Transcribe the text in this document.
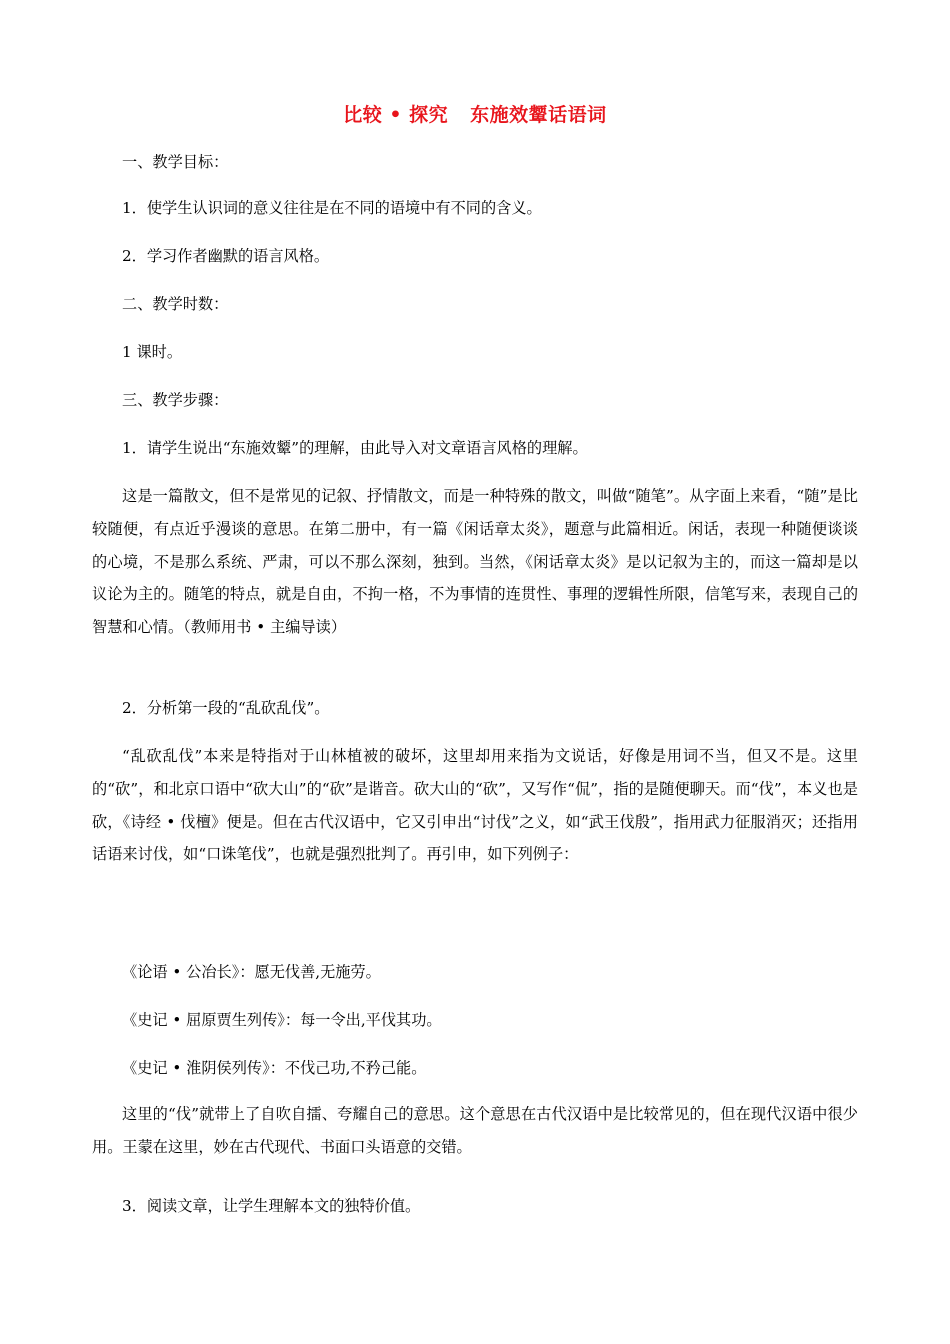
比较 • 探究 东施效颦话语词
一、教学目标：
1．使学生认识词的意义往往是在不同的语境中有不同的含义。
2．学习作者幽默的语言风格。
二、教学时数：
1 课时。
三、教学步骤：
1．请学生说出“东施效颦”的理解，由此导入对文章语言风格的理解。
这是一篇散文，但不是常见的记叙、抒情散文，而是一种特殊的散文，叫做“随笔”。从字面上来看，“随”是比较随便，有点近乎漫谈的意思。在第二册中，有一篇《闲话章太炎》，题意与此篇相近。闲话，表现一种随便谈谈的心境，不是那么系统、严肃，可以不那么深刻，独到。当然，《闲话章太炎》是以记叙为主的，而这一篇却是以议论为主的。随笔的特点，就是自由，不拘一格，不为事情的连贯性、事理的逻辑性所限，信笔写来，表现自己的智慧和心情。（教师用书 • 主编导读）
2．分析第一段的“乱砍乱伐”。
“乱砍乱伐”本来是特指对于山林植被的破坏，这里却用来指为文说话，好像是用词不当，但又不是。这里的“砍”，和北京口语中“砍大山”的“砍”是谐音。砍大山的“砍”，又写作“侃”，指的是随便聊天。而“伐”，本义也是砍，《诗经 • 伐檀》便是。但在古代汉语中，它又引申出“讨伐”之义，如“武王伐殷”，指用武力征服消灭；还指用话语来讨伐，如“口诛笔伐”，也就是强烈批判了。再引申，如下列例子：
《论语 • 公冶长》：愿无伐善,无施劳。
《史记 • 屈原贾生列传》：每一令出,平伐其功。
《史记 • 淮阴侯列传》：不伐己功,不矜己能。
这里的“伐”就带上了自吹自擂、夸耀自己的意思。这个意思在古代汉语中是比较常见的，但在现代汉语中很少用。王蒙在这里，妙在古代现代、书面口头语意的交错。
3．阅读文章，让学生理解本文的独特价值。
